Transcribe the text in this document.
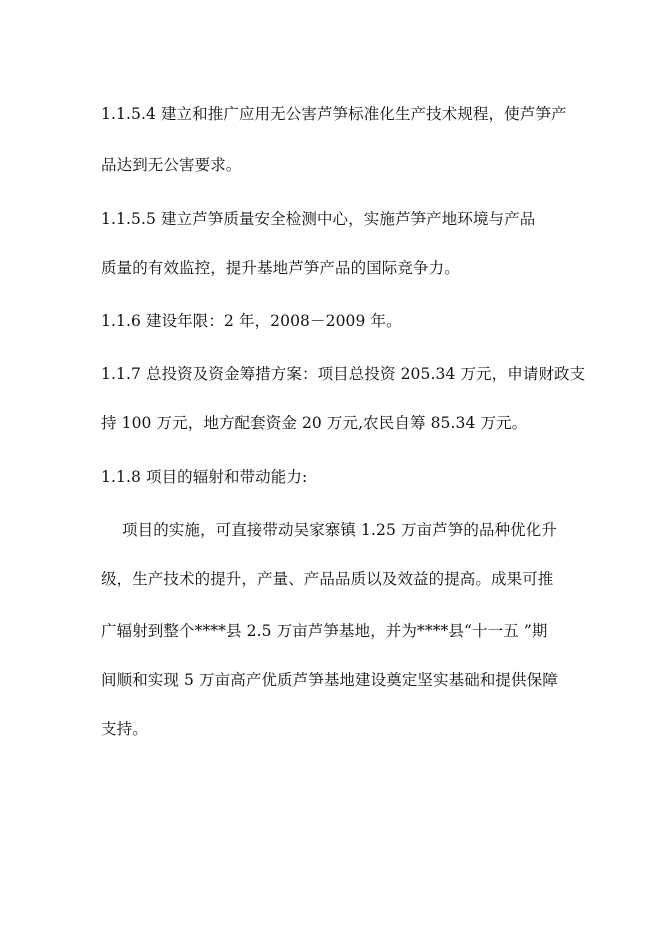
1.1.5.4 建立和推广应用无公害芦笋标准化生产技术规程，使芦笋产
品达到无公害要求。
1.1.5.5 建立芦笋质量安全检测中心，实施芦笋产地环境与产品
质量的有效监控，提升基地芦笋产品的国际竞争力。
1.1.6 建设年限：2 年，2008－2009 年。
1.1.7 总投资及资金筹措方案：项目总投资 205.34 万元，申请财政支
持 100 万元，地方配套资金 20 万元,农民自筹 85.34 万元。
1.1.8 项目的辐射和带动能力:
项目的实施，可直接带动吴家寨镇 1.25 万亩芦笋的品种优化升
级，生产技术的提升，产量、产品品质以及效益的提高。成果可推
广辐射到整个****县 2.5 万亩芦笋基地，并为****县“十一五 ”期
间顺和实现 5 万亩高产优质芦笋基地建设奠定坚实基础和提供保障
支持。
